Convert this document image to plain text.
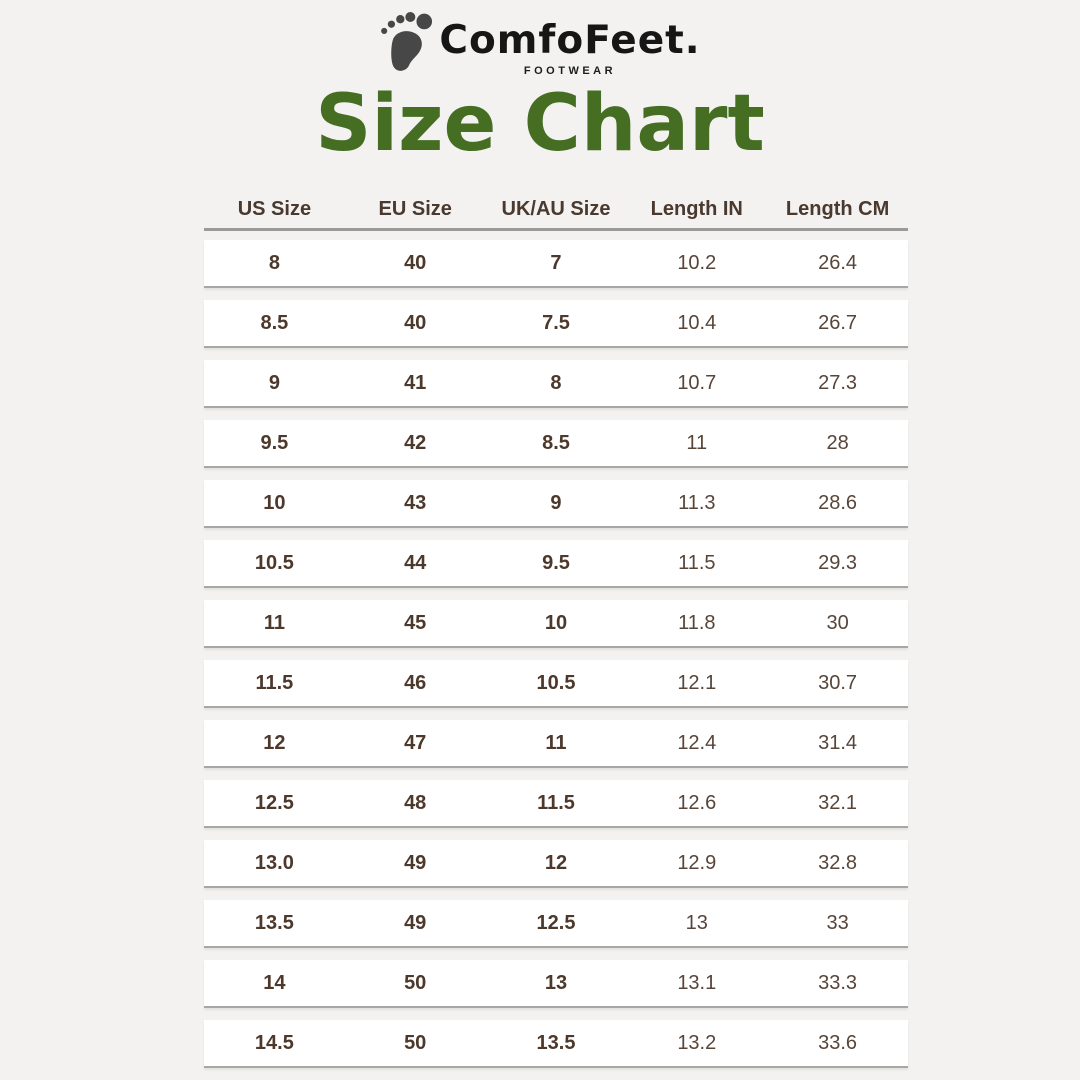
ComfoFeet.
FOOTWEAR
Size Chart
US Size	EU Size	UK/AU Size	Length IN	Length CM
8	40	7	10.2	26.4
8.5	40	7.5	10.4	26.7
9	41	8	10.7	27.3
9.5	42	8.5	11	28
10	43	9	11.3	28.6
10.5	44	9.5	11.5	29.3
11	45	10	11.8	30
11.5	46	10.5	12.1	30.7
12	47	11	12.4	31.4
12.5	48	11.5	12.6	32.1
13.0	49	12	12.9	32.8
13.5	49	12.5	13	33
14	50	13	13.1	33.3
14.5	50	13.5	13.2	33.6
